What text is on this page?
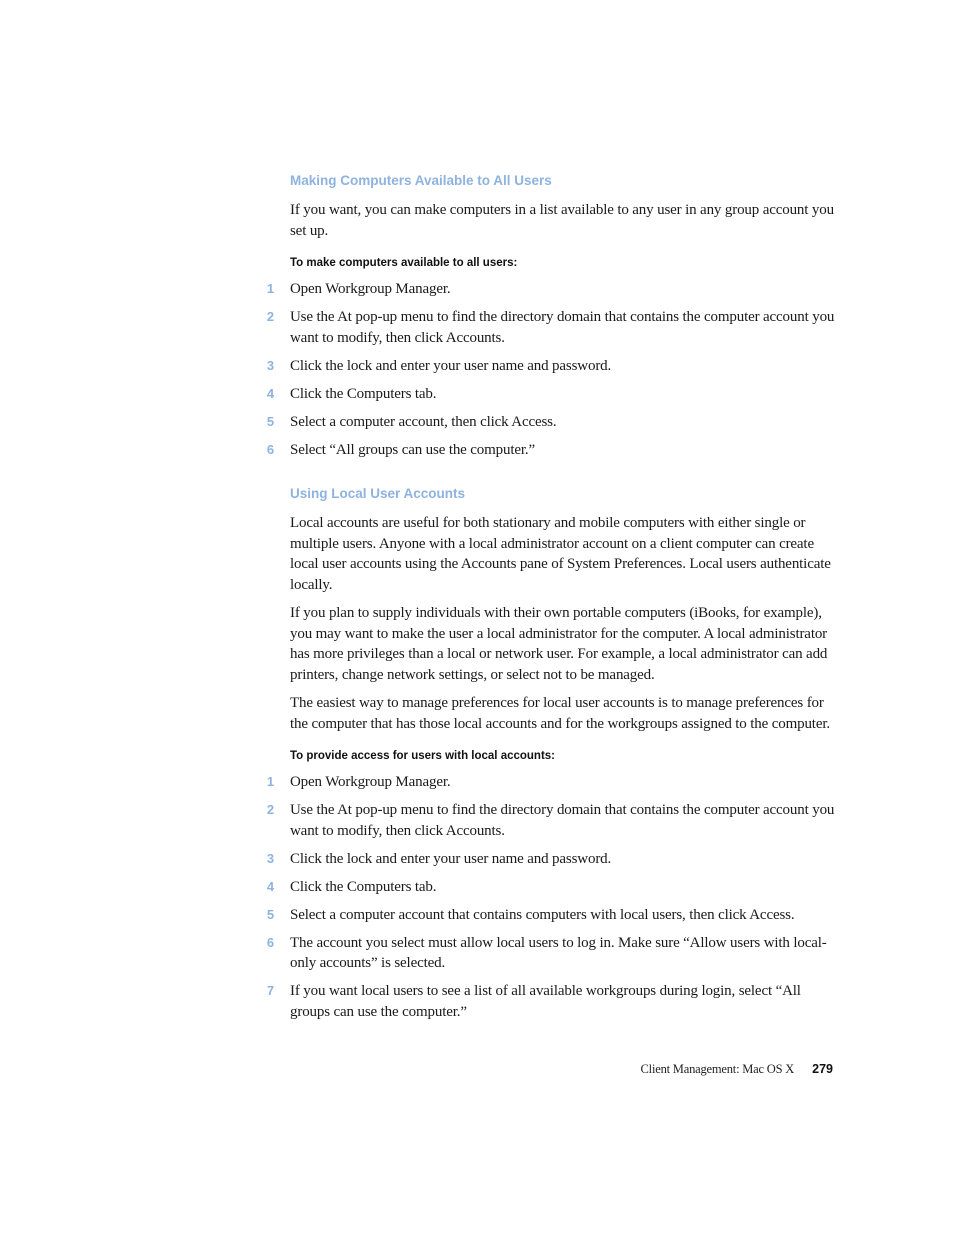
Making Computers Available to All Users

If you want, you can make computers in a list available to any user in any group account you set up.

To make computers available to all users:
1 Open Workgroup Manager.
2 Use the At pop-up menu to find the directory domain that contains the computer account you want to modify, then click Accounts.
3 Click the lock and enter your user name and password.
4 Click the Computers tab.
5 Select a computer account, then click Access.
6 Select “All groups can use the computer.”
Using Local User Accounts

Local accounts are useful for both stationary and mobile computers with either single or multiple users. Anyone with a local administrator account on a client computer can create local user accounts using the Accounts pane of System Preferences. Local users authenticate locally.

If you plan to supply individuals with their own portable computers (iBooks, for example), you may want to make the user a local administrator for the computer. A local administrator has more privileges than a local or network user. For example, a local administrator can add printers, change network settings, or select not to be managed.

The easiest way to manage preferences for local user accounts is to manage preferences for the computer that has those local accounts and for the workgroups assigned to the computer.

To provide access for users with local accounts:
1 Open Workgroup Manager.
2 Use the At pop-up menu to find the directory domain that contains the computer account you want to modify, then click Accounts.
3 Click the lock and enter your user name and password.
4 Click the Computers tab.
5 Select a computer account that contains computers with local users, then click Access.
6 The account you select must allow local users to log in. Make sure “Allow users with local-only accounts” is selected.
7 If you want local users to see a list of all available workgroups during login, select “All groups can use the computer.”
Client Management: Mac OS X 279
